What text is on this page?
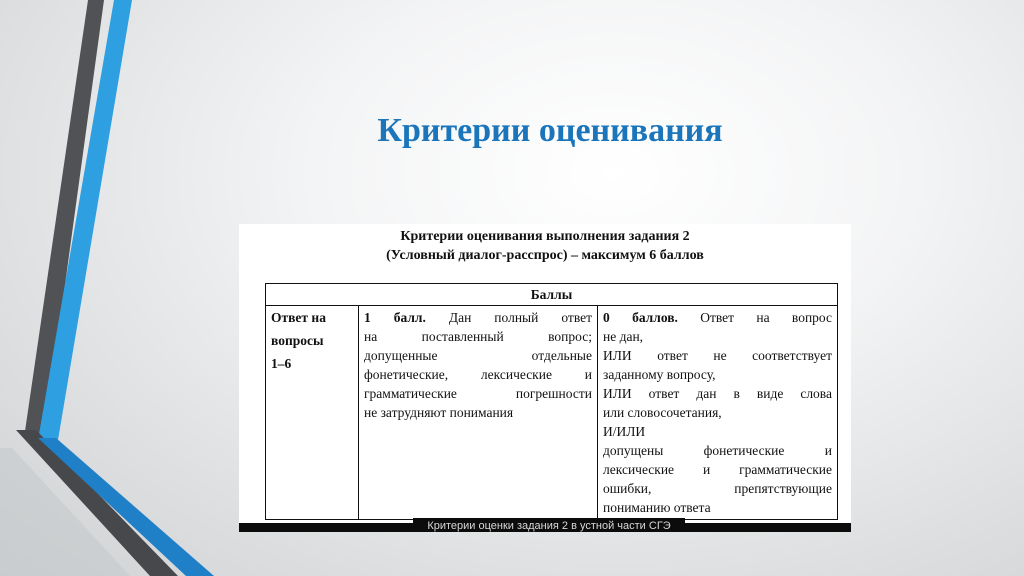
Критерии оценивания
Критерии оценивания выполнения задания 2
(Условный диалог-расспрос) – максимум 6 баллов
Баллы

Ответ на
вопросы
1–6

1 балл. Дан полный ответ
на поставленный вопрос;
допущенные отдельные
фонетические, лексические и
грамматические погрешности
не затрудняют понимания

0 баллов. Ответ на вопрос
не дан,
ИЛИ ответ не соответствует
заданному вопросу,
ИЛИ ответ дан в виде слова
или словосочетания,
И/ИЛИ
допущены фонетические и
лексические и грамматические
ошибки, препятствующие
пониманию ответа
Критерии оценки задания 2 в устной части СГЭ
